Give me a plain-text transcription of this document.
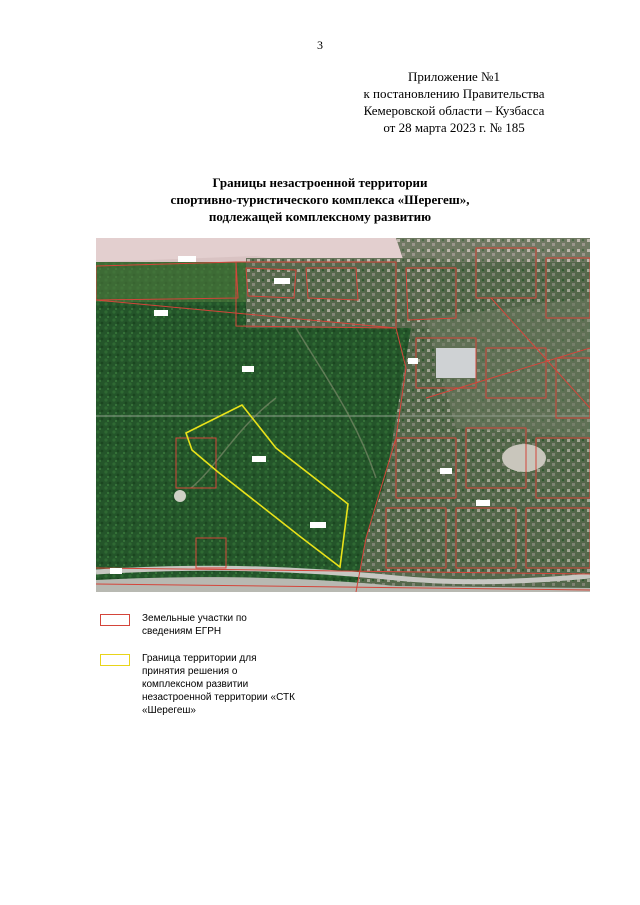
3
Приложение №1
к постановлению Правительства
Кемеровской области – Кузбасса
от 28 марта 2023 г. № 185
Границы незастроенной территории
спортивно-туристического комплекса «Шерегеш»,
подлежащей комплексному развитию
Земельные участки по
сведениям ЕГРН
Граница территории для
принятия решения о
комплексном развитии
незастроенной территории «СТК
«Шерегеш»
